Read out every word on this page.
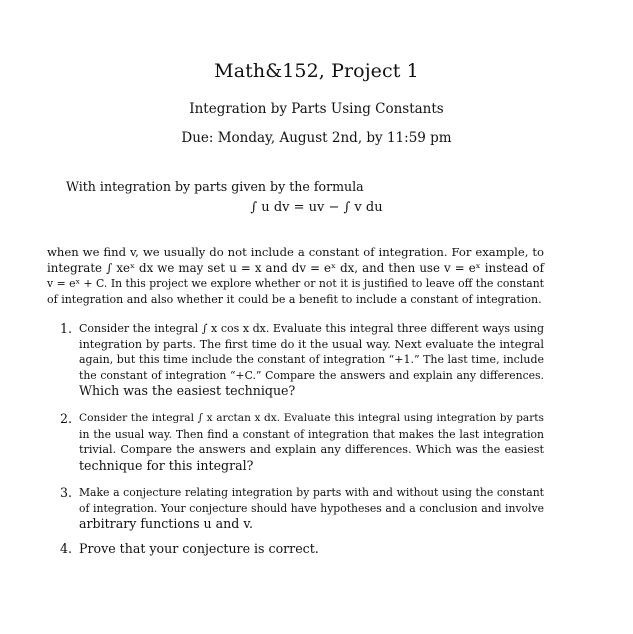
Math&152, Project 1
Integration by Parts Using Constants
Due: Monday, August 2nd, by 11:59 pm
With integration by parts given by the formula
∫ u dv = uv − ∫ v du
when we find v, we usually do not include a constant of integration. For example, to
integrate ∫ xeˣ dx we may set u = x and dv = eˣ dx, and then use v = eˣ instead of
v = eˣ + C. In this project we explore whether or not it is justified to leave off the constant
of integration and also whether it could be a benefit to include a constant of integration.
1. Consider the integral ∫ x cos x dx. Evaluate this integral three different ways using
integration by parts. The first time do it the usual way. Next evaluate the integral
again, but this time include the constant of integration “+1.” The last time, include
the constant of integration “+C.” Compare the answers and explain any differences.
Which was the easiest technique?
2. Consider the integral ∫ x arctan x dx. Evaluate this integral using integration by parts
in the usual way. Then find a constant of integration that makes the last integration
trivial. Compare the answers and explain any differences. Which was the easiest
technique for this integral?
3. Make a conjecture relating integration by parts with and without using the constant
of integration. Your conjecture should have hypotheses and a conclusion and involve
arbitrary functions u and v.
4. Prove that your conjecture is correct.
